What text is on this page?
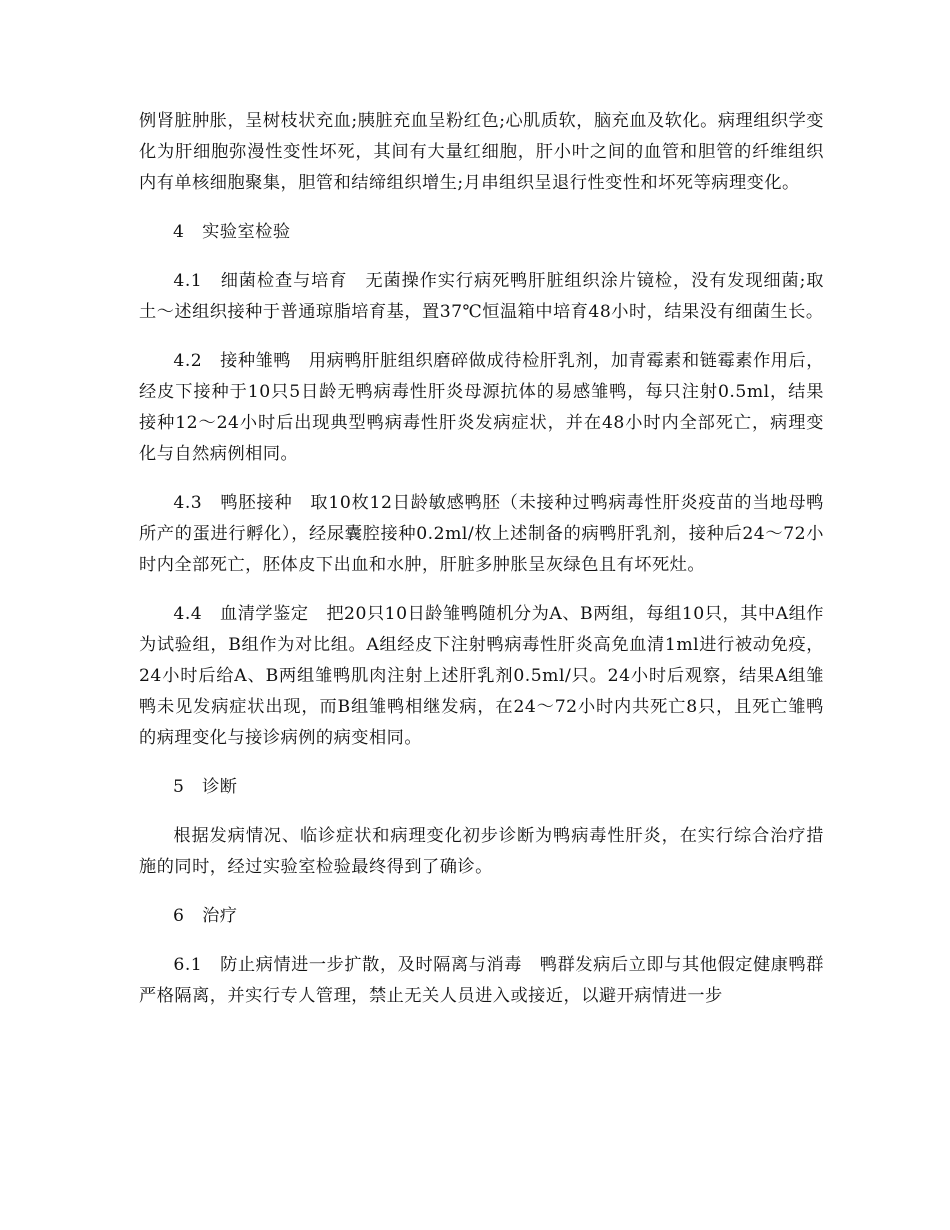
例肾脏肿胀，呈树枝状充血;胰脏充血呈粉红色;心肌质软，脑充血及软化。病理组织学变化为肝细胞弥漫性变性坏死，其间有大量红细胞，肝小叶之间的血管和胆管的纤维组织内有单核细胞聚集，胆管和结缔组织增生;月串组织呈退行性变性和坏死等病理变化。

4　实验室检验

4.1　细菌检查与培育　无菌操作实行病死鸭肝脏组织涂片镜检，没有发现细菌;取土～述组织接种于普通琼脂培育基，置37℃恒温箱中培育48小时，结果没有细菌生长。

4.2　接种雏鸭　用病鸭肝脏组织磨碎做成待检肝乳剂，加青霉素和链霉素作用后，经皮下接种于10只5日龄无鸭病毒性肝炎母源抗体的易感雏鸭，每只注射0.5ml，结果接种12～24小时后出现典型鸭病毒性肝炎发病症状，并在48小时内全部死亡，病理变化与自然病例相同。

4.3　鸭胚接种　取10枚12日龄敏感鸭胚（未接种过鸭病毒性肝炎疫苗的当地母鸭所产的蛋进行孵化），经尿囊腔接种0.2ml/枚上述制备的病鸭肝乳剂，接种后24～72小时内全部死亡，胚体皮下出血和水肿，肝脏多肿胀呈灰绿色且有坏死灶。

4.4　血清学鉴定　把20只10日龄雏鸭随机分为A、B两组，每组10只，其中A组作为试验组，B组作为对比组。A组经皮下注射鸭病毒性肝炎高免血清1ml进行被动免疫，24小时后给A、B两组雏鸭肌肉注射上述肝乳剂0.5ml/只。24小时后观察，结果A组雏鸭未见发病症状出现，而B组雏鸭相继发病，在24～72小时内共死亡8只，且死亡雏鸭的病理变化与接诊病例的病变相同。

5　诊断

根据发病情况、临诊症状和病理变化初步诊断为鸭病毒性肝炎，在实行综合治疗措施的同时，经过实验室检验最终得到了确诊。

6　治疗

6.1　防止病情进一步扩散，及时隔离与消毒　鸭群发病后立即与其他假定健康鸭群严格隔离，并实行专人管理，禁止无关人员进入或接近，以避开病情进一步
